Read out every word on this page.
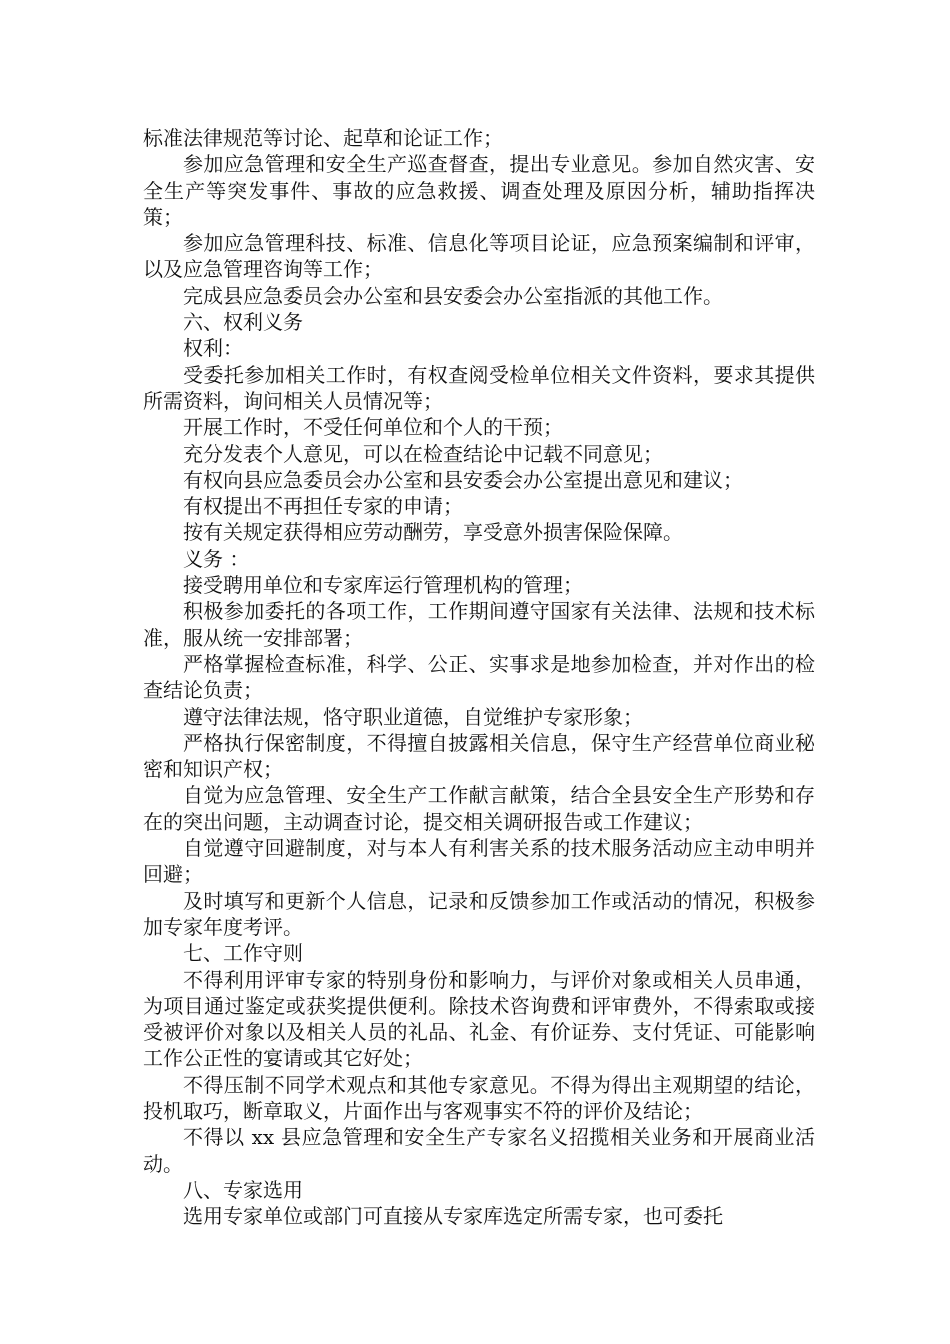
标准法律规范等讨论、起草和论证工作；

参加应急管理和安全生产巡查督查，提出专业意见。参加自然灾害、安全生产等突发事件、事故的应急救援、调查处理及原因分析，辅助指挥决策；

参加应急管理科技、标准、信息化等项目论证，应急预案编制和评审，以及应急管理咨询等工作；

完成县应急委员会办公室和县安委会办公室指派的其他工作。

六、权利义务

权利：

受委托参加相关工作时，有权查阅受检单位相关文件资料，要求其提供所需资料，询问相关人员情况等；

开展工作时，不受任何单位和个人的干预；

充分发表个人意见，可以在检查结论中记载不同意见；

有权向县应急委员会办公室和县安委会办公室提出意见和建议；

有权提出不再担任专家的申请；

按有关规定获得相应劳动酬劳，享受意外损害保险保障。

义务 ：

接受聘用单位和专家库运行管理机构的管理；

积极参加委托的各项工作，工作期间遵守国家有关法律、法规和技术标准，服从统一安排部署；

严格掌握检查标准，科学、公正、实事求是地参加检查，并对作出的检查结论负责；

遵守法律法规，恪守职业道德，自觉维护专家形象；

严格执行保密制度，不得擅自披露相关信息，保守生产经营单位商业秘密和知识产权；

自觉为应急管理、安全生产工作献言献策，结合全县安全生产形势和存在的突出问题，主动调查讨论，提交相关调研报告或工作建议；

自觉遵守回避制度，对与本人有利害关系的技术服务活动应主动申明并回避；

及时填写和更新个人信息，记录和反馈参加工作或活动的情况，积极参加专家年度考评。

七、工作守则

不得利用评审专家的特别身份和影响力，与评价对象或相关人员串通，为项目通过鉴定或获奖提供便利。除技术咨询费和评审费外，不得索取或接受被评价对象以及相关人员的礼品、礼金、有价证券、支付凭证、可能影响工作公正性的宴请或其它好处；

不得压制不同学术观点和其他专家意见。不得为得出主观期望的结论，投机取巧，断章取义，片面作出与客观事实不符的评价及结论；

不得以 xx 县应急管理和安全生产专家名义招揽相关业务和开展商业活动。

八、专家选用

选用专家单位或部门可直接从专家库选定所需专家，也可委托
